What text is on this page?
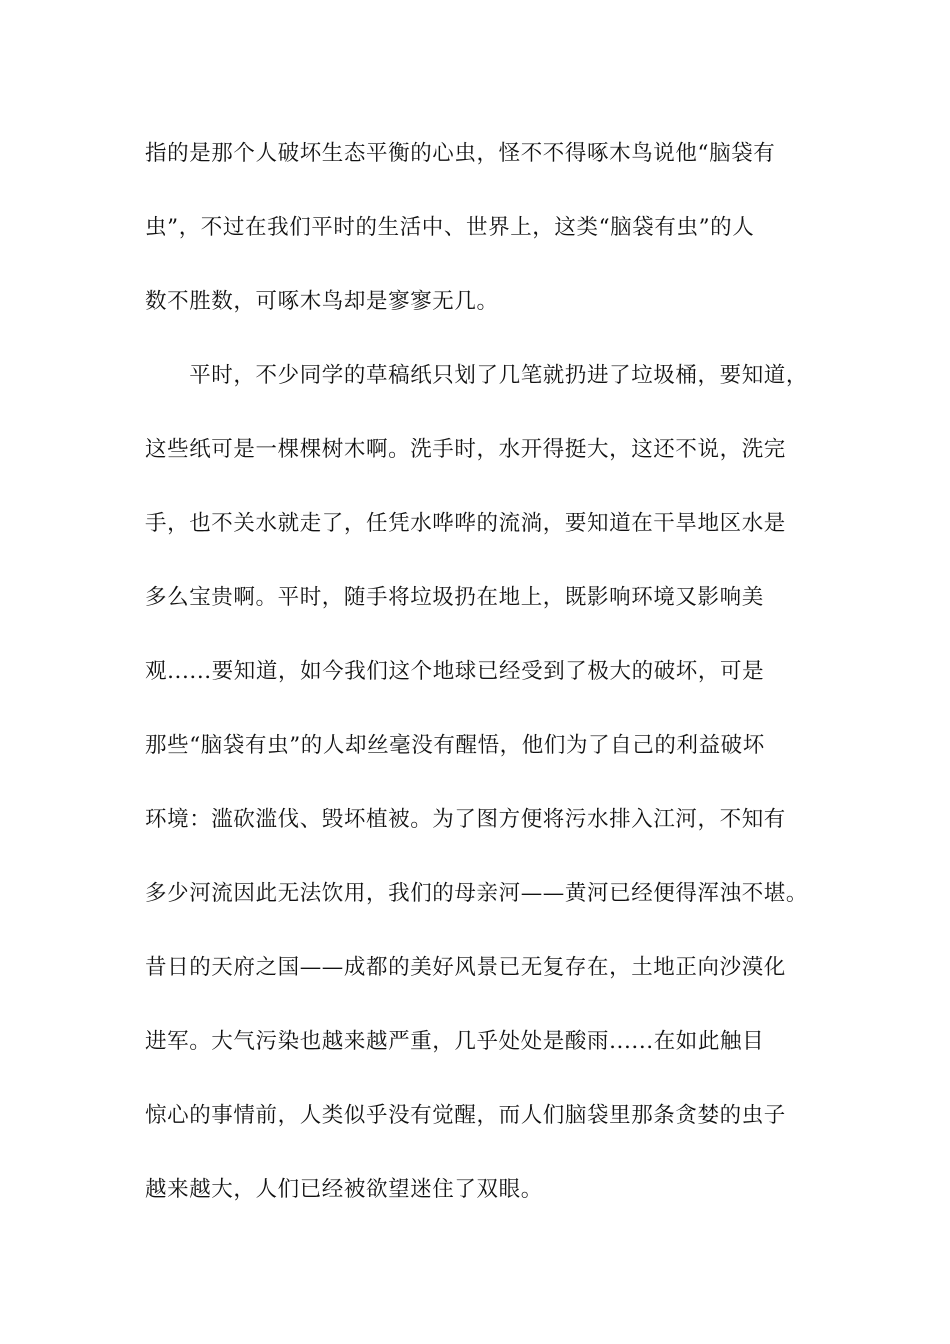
指的是那个人破坏生态平衡的心虫，怪不不得啄木鸟说他“脑袋有
虫”，不过在我们平时的生活中、世界上，这类“脑袋有虫”的人
数不胜数，可啄木鸟却是寥寥无几。
　　平时，不少同学的草稿纸只划了几笔就扔进了垃圾桶，要知道，
这些纸可是一棵棵树木啊。洗手时，水开得挺大，这还不说，洗完
手，也不关水就走了，任凭水哗哗的流淌，要知道在干旱地区水是
多么宝贵啊。平时，随手将垃圾扔在地上，既影响环境又影响美
观......要知道，如今我们这个地球已经受到了极大的破坏，可是
那些“脑袋有虫”的人却丝毫没有醒悟，他们为了自己的利益破坏
环境：滥砍滥伐、毁坏植被。为了图方便将污水排入江河，不知有
多少河流因此无法饮用，我们的母亲河——黄河已经便得浑浊不堪。
昔日的天府之国——成都的美好风景已无复存在，土地正向沙漠化
进军。大气污染也越来越严重，几乎处处是酸雨......在如此触目
惊心的事情前，人类似乎没有觉醒，而人们脑袋里那条贪婪的虫子
越来越大，人们已经被欲望迷住了双眼。
